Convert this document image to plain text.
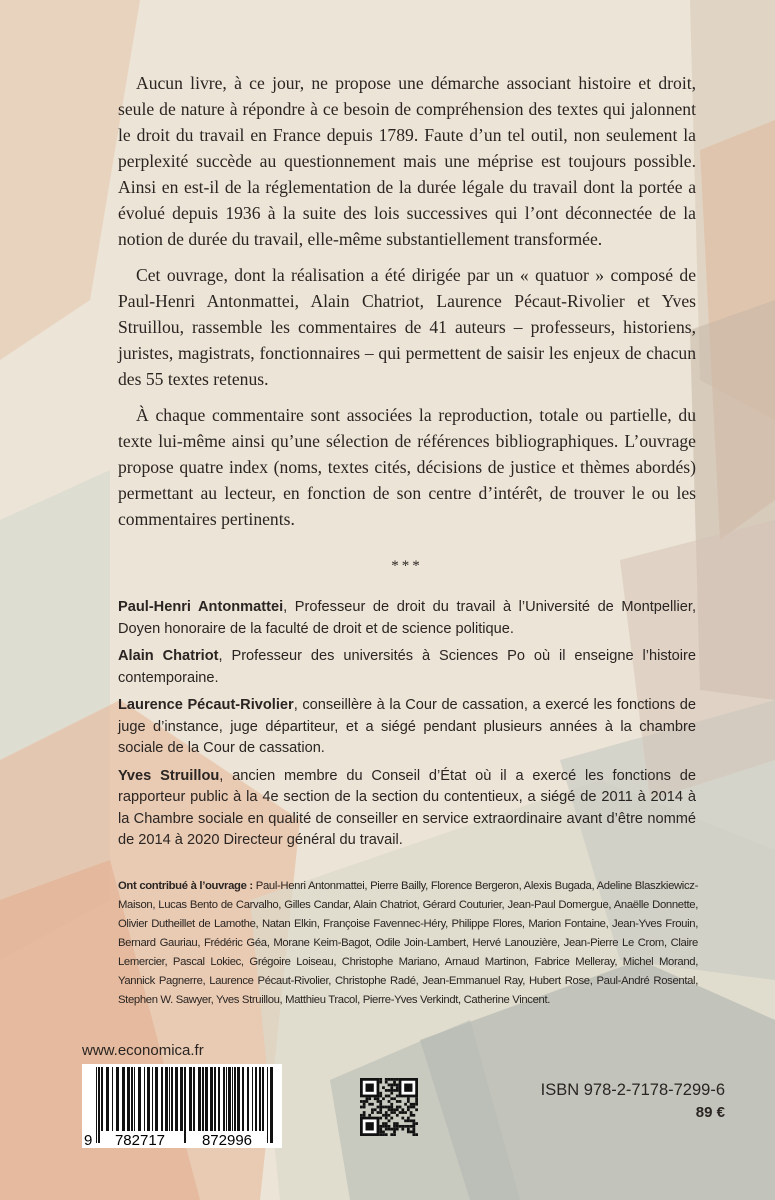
Aucun livre, à ce jour, ne propose une démarche associant histoire et droit, seule de nature à répondre à ce besoin de compréhension des textes qui jalonnent le droit du travail en France depuis 1789. Faute d’un tel outil, non seulement la perplexité succède au questionnement mais une méprise est toujours possible. Ainsi en est-il de la réglementation de la durée légale du travail dont la portée a évolué depuis 1936 à la suite des lois successives qui l’ont déconnectée de la notion de durée du travail, elle-même substantiellement transformée.

Cet ouvrage, dont la réalisation a été dirigée par un « quatuor » composé de Paul-Henri Antonmattei, Alain Chatriot, Laurence Pécaut-Rivolier et Yves Struillou, rassemble les commentaires de 41 auteurs – professeurs, historiens, juristes, magistrats, fonctionnaires – qui permettent de saisir les enjeux de chacun des 55 textes retenus.

À chaque commentaire sont associées la reproduction, totale ou partielle, du texte lui-même ainsi qu’une sélection de références bibliographiques. L’ouvrage propose quatre index (noms, textes cités, décisions de justice et thèmes abordés) permettant au lecteur, en fonction de son centre d’intérêt, de trouver le ou les commentaires pertinents.

***

Paul-Henri Antonmattei, Professeur de droit du travail à l’Université de Montpellier, Doyen honoraire de la faculté de droit et de science politique.

Alain Chatriot, Professeur des universités à Sciences Po où il enseigne l’histoire contemporaine.

Laurence Pécaut-Rivolier, conseillère à la Cour de cassation, a exercé les fonctions de juge d’instance, juge départiteur, et a siégé pendant plusieurs années à la chambre sociale de la Cour de cassation.

Yves Struillou, ancien membre du Conseil d’État où il a exercé les fonctions de rapporteur public à la 4e section de la section du contentieux, a siégé de 2011 à 2014 à la Chambre sociale en qualité de conseiller en service extraordinaire avant d’être nommé de 2014 à 2020 Directeur général du travail.

Ont contribué à l’ouvrage : Paul-Henri Antonmattei, Pierre Bailly, Florence Bergeron, Alexis Bugada, Adeline Blaszkiewicz-Maison, Lucas Bento de Carvalho, Gilles Candar, Alain Chatriot, Gérard Couturier, Jean-Paul Domergue, Anaëlle Donnette, Olivier Dutheillet de Lamothe, Natan Elkin, Françoise Favennec-Héry, Philippe Flores, Marion Fontaine, Jean-Yves Frouin, Bernard Gauriau, Frédéric Géa, Morane Keim-Bagot, Odile Join-Lambert, Hervé Lanouzière, Jean-Pierre Le Crom, Claire Lemercier, Pascal Lokiec, Grégoire Loiseau, Christophe Mariano, Arnaud Martinon, Fabrice Melleray, Michel Morand, Yannick Pagnerre, Laurence Pécaut-Rivolier, Christophe Radé, Jean-Emmanuel Ray, Hubert Rose, Paul-André Rosental, Stephen W. Sawyer, Yves Struillou, Matthieu Tracol, Pierre-Yves Verkindt, Catherine Vincent.
www.economica.fr
9 782717 872996
ISBN 978-2-7178-7299-6
89 €
